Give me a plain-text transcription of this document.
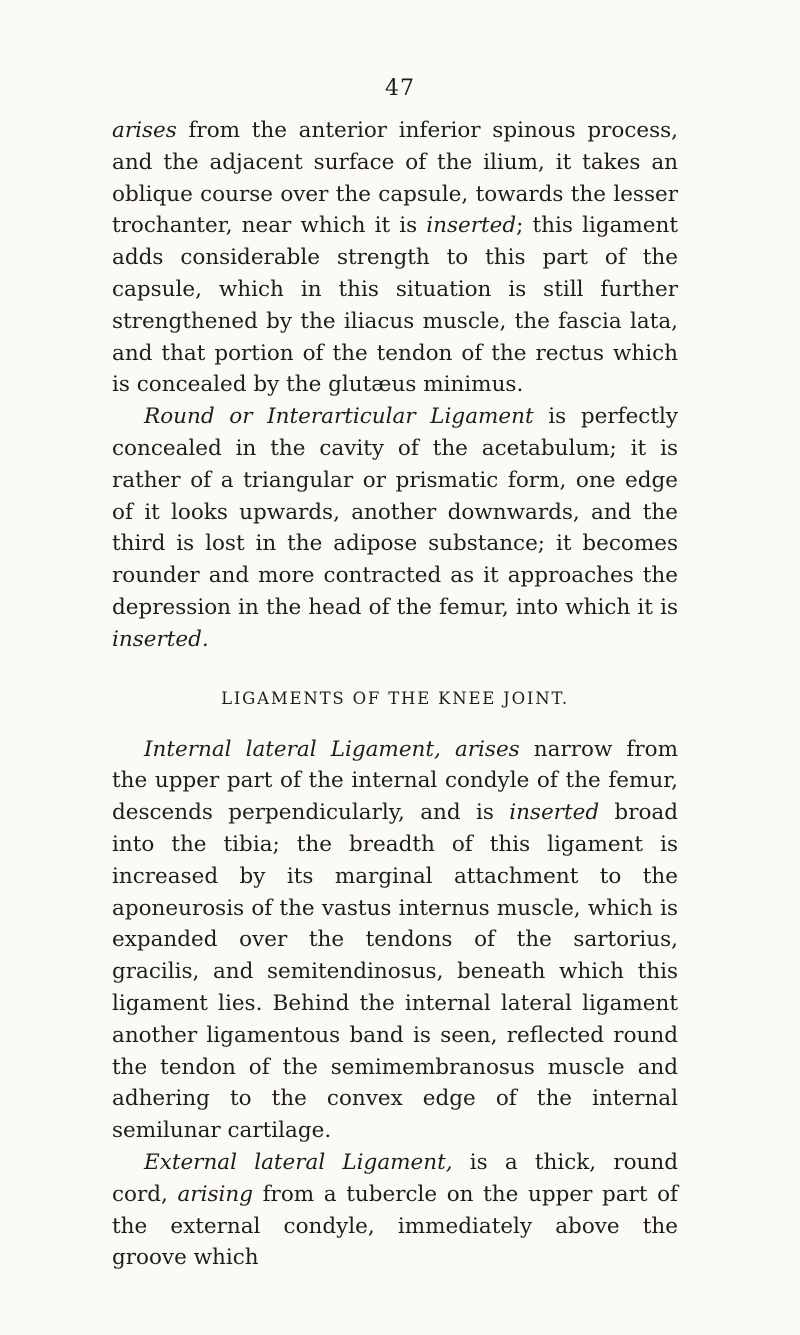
47

arises from the anterior inferior spinous process, and the adjacent surface of the ilium, it takes an oblique course over the capsule, towards the lesser trochanter, near which it is inserted; this ligament adds considerable strength to this part of the capsule, which in this situation is still further strengthened by the iliacus muscle, the fascia lata, and that portion of the tendon of the rectus which is concealed by the glutæus minimus.

Round or Interarticular Ligament is perfectly concealed in the cavity of the acetabulum; it is rather of a triangular or prismatic form, one edge of it looks upwards, another downwards, and the third is lost in the adipose substance; it becomes rounder and more contracted as it approaches the depression in the head of the femur, into which it is inserted.

LIGAMENTS OF THE KNEE JOINT.

Internal lateral Ligament, arises narrow from the upper part of the internal condyle of the femur, descends perpendicularly, and is inserted broad into the tibia; the breadth of this ligament is increased by its marginal attachment to the aponeurosis of the vastus internus muscle, which is expanded over the tendons of the sartorius, gracilis, and semitendinosus, beneath which this ligament lies. Behind the internal lateral ligament another ligamentous band is seen, reflected round the tendon of the semimembranosus muscle and adhering to the convex edge of the internal semilunar cartilage.

External lateral Ligament, is a thick, round cord, arising from a tubercle on the upper part of the external condyle, immediately above the groove which
